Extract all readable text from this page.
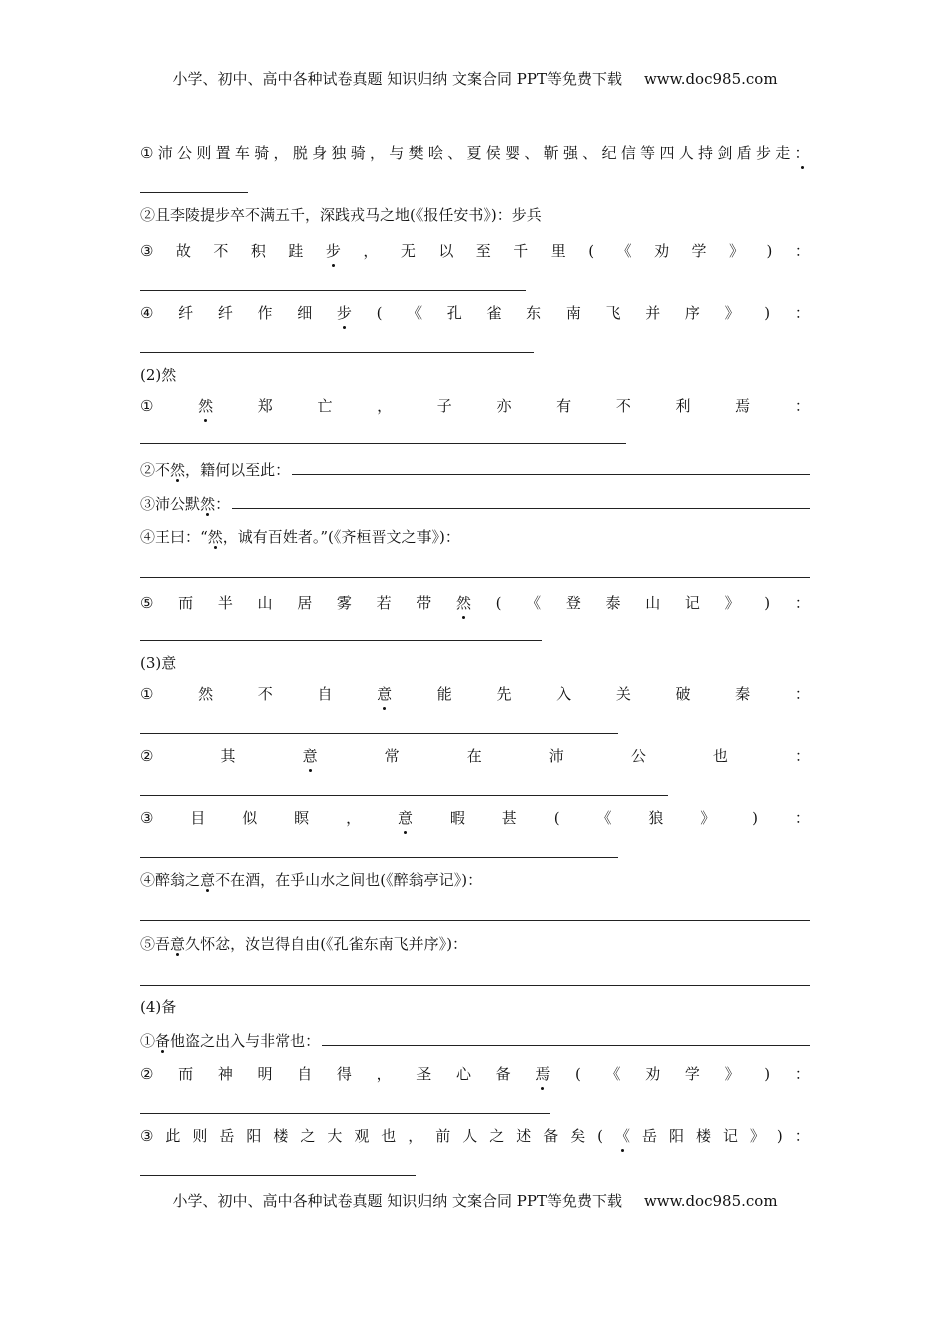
小学、初中、高中各种试卷真题 知识归纳 文案合同 PPT等免费下载 www.doc985.com
① 沛 公 则 置 车 骑 ， 脱 身 独 骑 ， 与 樊 哙 、 夏 侯 婴 、 靳 强 、 纪 信 等 四 人 持 剑 盾 步 走 ：
②且李陵提步卒不满五千，深践戎马之地(《报任安书》)：步兵
③ 故 不 积 跬 步 ， 无 以 至 千 里 ( 《 劝 学 》 ) ：
④ 纤 纤 作 细 步 ( 《 孔 雀 东 南 飞 并 序 》 ) ：
(2)然
①	然	郑	亡	，	子	亦	有	不	利	焉	：
②不然，籍何以至此：
③沛公默然：
④王曰：“然，诚有百姓者。”(《齐桓晋文之事》)：
⑤ 而 半 山 居 雾 若 带 然 ( 《 登 泰 山 记 》 ) ：
(3)意
①	然	不	自	意	能	先	入	关	破	秦	：
②	其	意	常	在	沛	公	也	：
③ 目 似 瞑 ， 意 暇 甚 ( 《 狼 》 ) ：
④醉翁之意不在酒，在乎山水之间也(《醉翁亭记》)：
⑤吾意久怀忿，汝岂得自由(《孔雀东南飞并序》)：
(4)备
①备他盗之出入与非常也：
② 而 神 明 自 得 ， 圣 心 备 焉 ( 《 劝 学 》 ) ：
③ 此 则 岳 阳 楼 之 大 观 也 ， 前 人 之 述 备 矣 ( 《 岳 阳 楼 记 》 ) ：
小学、初中、高中各种试卷真题 知识归纳 文案合同 PPT等免费下载 www.doc985.com
